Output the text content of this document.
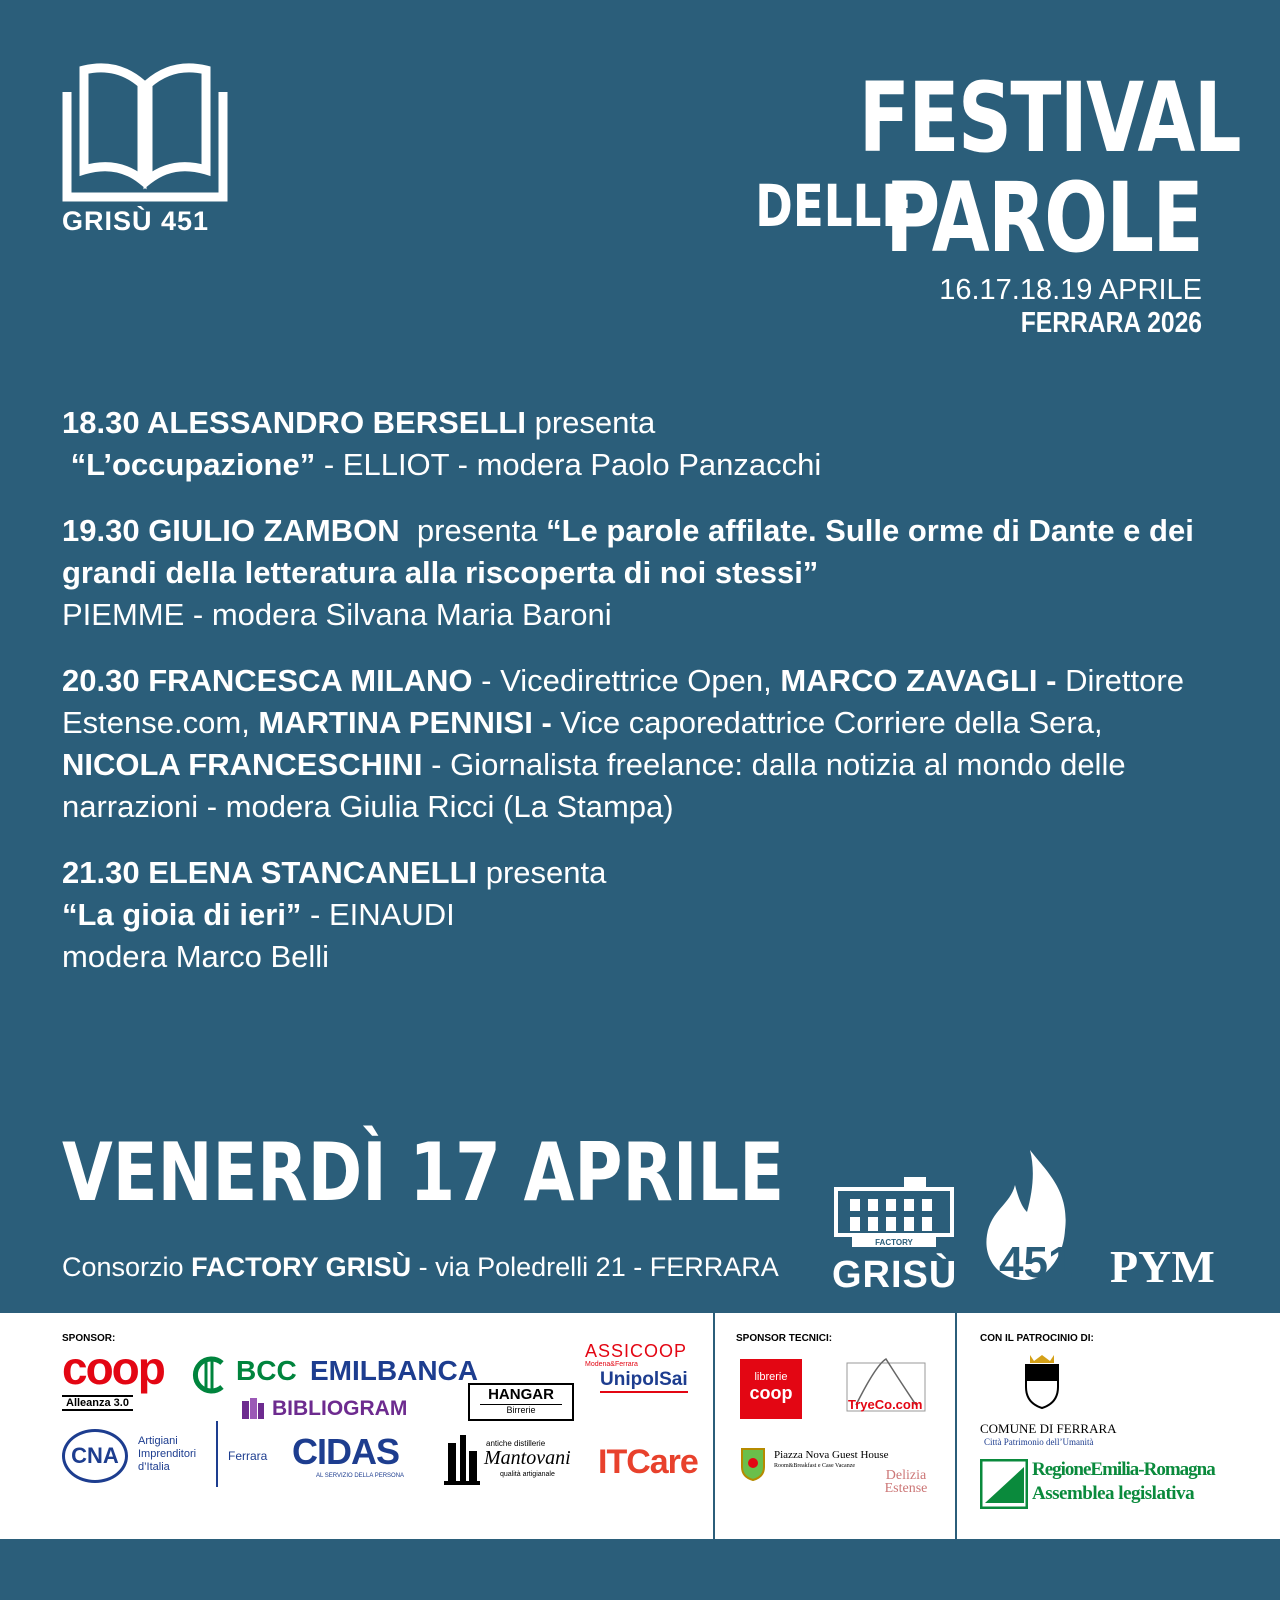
GRISÙ 451
FESTIVAL
DELLE
PAROLE
16.17.18.19 APRILE
FERRARA 2026
18.30 ALESSANDRO BERSELLI presenta
“L’occupazione” - ELLIOT - modera Paolo Panzacchi
19.30 GIULIO ZAMBON  presenta “Le parole affilate. Sulle orme di Dante e dei grandi della letteratura alla riscoperta di noi stessi”
PIEMME - modera Silvana Maria Baroni
20.30 FRANCESCA MILANO - Vicedirettrice Open, MARCO ZAVAGLI - Direttore Estense.com, MARTINA PENNISI - Vice caporedattrice Corriere della Sera, NICOLA FRANCESCHINI - Giornalista freelance: dalla notizia al mondo delle narrazioni - modera Giulia Ricci (La Stampa)
21.30 ELENA STANCANELLI presenta
“La gioia di ieri” - EINAUDI
modera Marco Belli
VENERDÌ 17 APRILE
Consorzio FACTORY GRISÙ - via Poledrelli 21 - FERRARA
FACTORY
GRISÙ 451 PYM
SPONSOR:	SPONSOR TECNICI:	CON IL PATROCINIO DI:
coop
Alleanza 3.0
BCC EMILBANCA
ASSICOOP
Modena&Ferrara
UnipolSai
BIBLIOGRAM
HANGAR
Birrerie
CNA
Artigiani
Imprenditori
d’Italia
Ferrara CIDAS
AL SERVIZIO DELLA PERSONA
antiche distillerie
Mantovani
qualità artigianale ITCare
librerie
coop
TryeCo.com
Piazza Nova Guest House
Room&Breakfast e Case Vacanze
Delizia Estense
COMUNE DI FERRARA
Città Patrimonio dell’Umanità
RegioneEmilia-Romagna
Assemblea legislativa
